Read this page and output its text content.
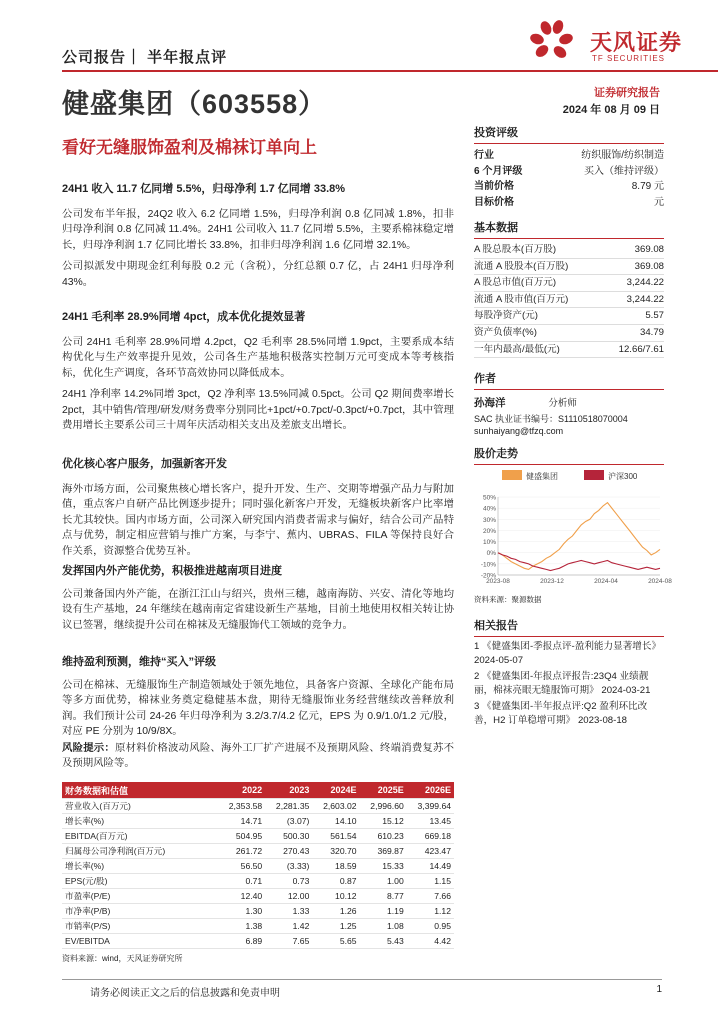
公司报告｜ 半年报点评
天风证券
TF SECURITIES
健盛集团（603558）	证券研究报告
2024 年 08 月 09 日
看好无缝服饰盈利及棉袜订单向上

24H1 收入 11.7 亿同增 5.5%，归母净利 1.7 亿同增 33.8%

公司发布半年报，24Q2 收入 6.2 亿同增 1.5%，归母净利润 0.8 亿同减 1.8%，扣非归母净利润 0.8 亿同减 11.4%。24H1 公司收入 11.7 亿同增 5.5%，主要系棉袜稳定增长，归母净利润 1.7 亿同比增长 33.8%，扣非归母净利润 1.6 亿同增 32.1%。

公司拟派发中期现金红利每股 0.2 元（含税），分红总额 0.7 亿，占 24H1 归母净利 43%。

24H1 毛利率 28.9%同增 4pct，成本优化提效显著

公司 24H1 毛利率 28.9%同增 4.2pct，Q2 毛利率 28.5%同增 1.9pct，主要系成本结构优化与生产效率提升见效，公司各生产基地积极落实控制万元可变成本等考核指标，优化生产调度，各环节高效协同以降低成本。

24H1 净利率 14.2%同增 3pct，Q2 净利率 13.5%同减 0.5pct。公司 Q2 期间费率增长 2pct，其中销售/管理/研发/财务费率分别同比+1pct/+0.7pct/-0.3pct/+0.7pct，其中管理费用增长主要系公司三十周年庆活动相关支出及差旅支出增长。

优化核心客户服务，加强新客开发

海外市场方面，公司聚焦核心增长客户，提升开发、生产、交期等增强产品力与附加值，重点客户自研产品比例逐步提升；同时强化新客户开发，无缝板块新客户比率增长尤其较快。国内市场方面，公司深入研究国内消费者需求与偏好，结合公司产品特点与优势，制定相应营销与推广方案，与李宁、蕉内、UBRAS、FILA 等保持良好合作关系，资源整合优势互补。

发挥国内外产能优势，积极推进越南项目进度

公司兼备国内外产能，在浙江江山与绍兴，贵州三穗，越南海防、兴安、清化等地均设有生产基地，24 年继续在越南南定省建设新生产基地，目前土地使用权相关转让协议已签署，继续提升公司在棉袜及无缝服饰代工领域的竞争力。

维持盈利预测，维持“买入”评级

公司在棉袜、无缝服饰生产制造领域处于领先地位，具备客户资源、全球化产能布局等多方面优势，棉袜业务奠定稳健基本盘，期待无缝服饰业务经营继续改善释放利润。我们预计公司 24-26 年归母净利为 3.2/3.7/4.2 亿元，EPS 为 0.9/1.0/1.2 元/股，对应 PE 分别为 10/9/8X。

风险提示：原材料价格波动风险、海外工厂扩产进展不及预期风险、终端消费复苏不及预期风险等。

财务数据和估值	2022	2023	2024E	2025E	2026E
营业收入(百万元)	2,353.58	2,281.35	2,603.02	2,996.60	3,399.64
增长率(%)	14.71	(3.07)	14.10	15.12	13.45
EBITDA(百万元)	504.95	500.30	561.54	610.23	669.18
归属母公司净利润(百万元)	261.72	270.43	320.70	369.87	423.47
增长率(%)	56.50	(3.33)	18.59	15.33	14.49
EPS(元/股)	0.71	0.73	0.87	1.00	1.15
市盈率(P/E)	12.40	12.00	10.12	8.77	7.66
市净率(P/B)	1.30	1.33	1.26	1.19	1.12
市销率(P/S)	1.38	1.42	1.25	1.08	0.95
EV/EBITDA	6.89	7.65	5.65	5.43	4.42
资料来源：wind，天风证券研究所
投资评级
行业	纺织服饰/纺织制造
6 个月评级	买入（维持评级）
当前价格	8.79 元
目标价格	元
基本数据
A 股总股本(百万股)	369.08
流通 A 股股本(百万股)	369.08
A 股总市值(百万元)	3,244.22
流通 A 股市值(百万元)	3,244.22
每股净资产(元)	5.57
资产负债率(%)	34.79
一年内最高/最低(元)	12.66/7.61
作者
孙海洋	分析师
SAC 执业证书编号：S1110518070004
sunhaiyang@tfzq.com
股价走势
健盛集团	沪深300
50%
40%
30%
20%
10%
0%
-10%
-20%
2023-08	2023-12	2024-04	2024-08
资料来源：聚源数据
相关报告
1 《健盛集团-季报点评-盈利能力显著增长》 2024-05-07
2 《健盛集团-年报点评报告:23Q4 业绩靓丽，棉袜亮眼无缝服饰可期》 2024-03-21
3 《健盛集团-半年报点评:Q2 盈利环比改善，H2 订单稳增可期》 2023-08-18
请务必阅读正文之后的信息披露和免责申明	1
